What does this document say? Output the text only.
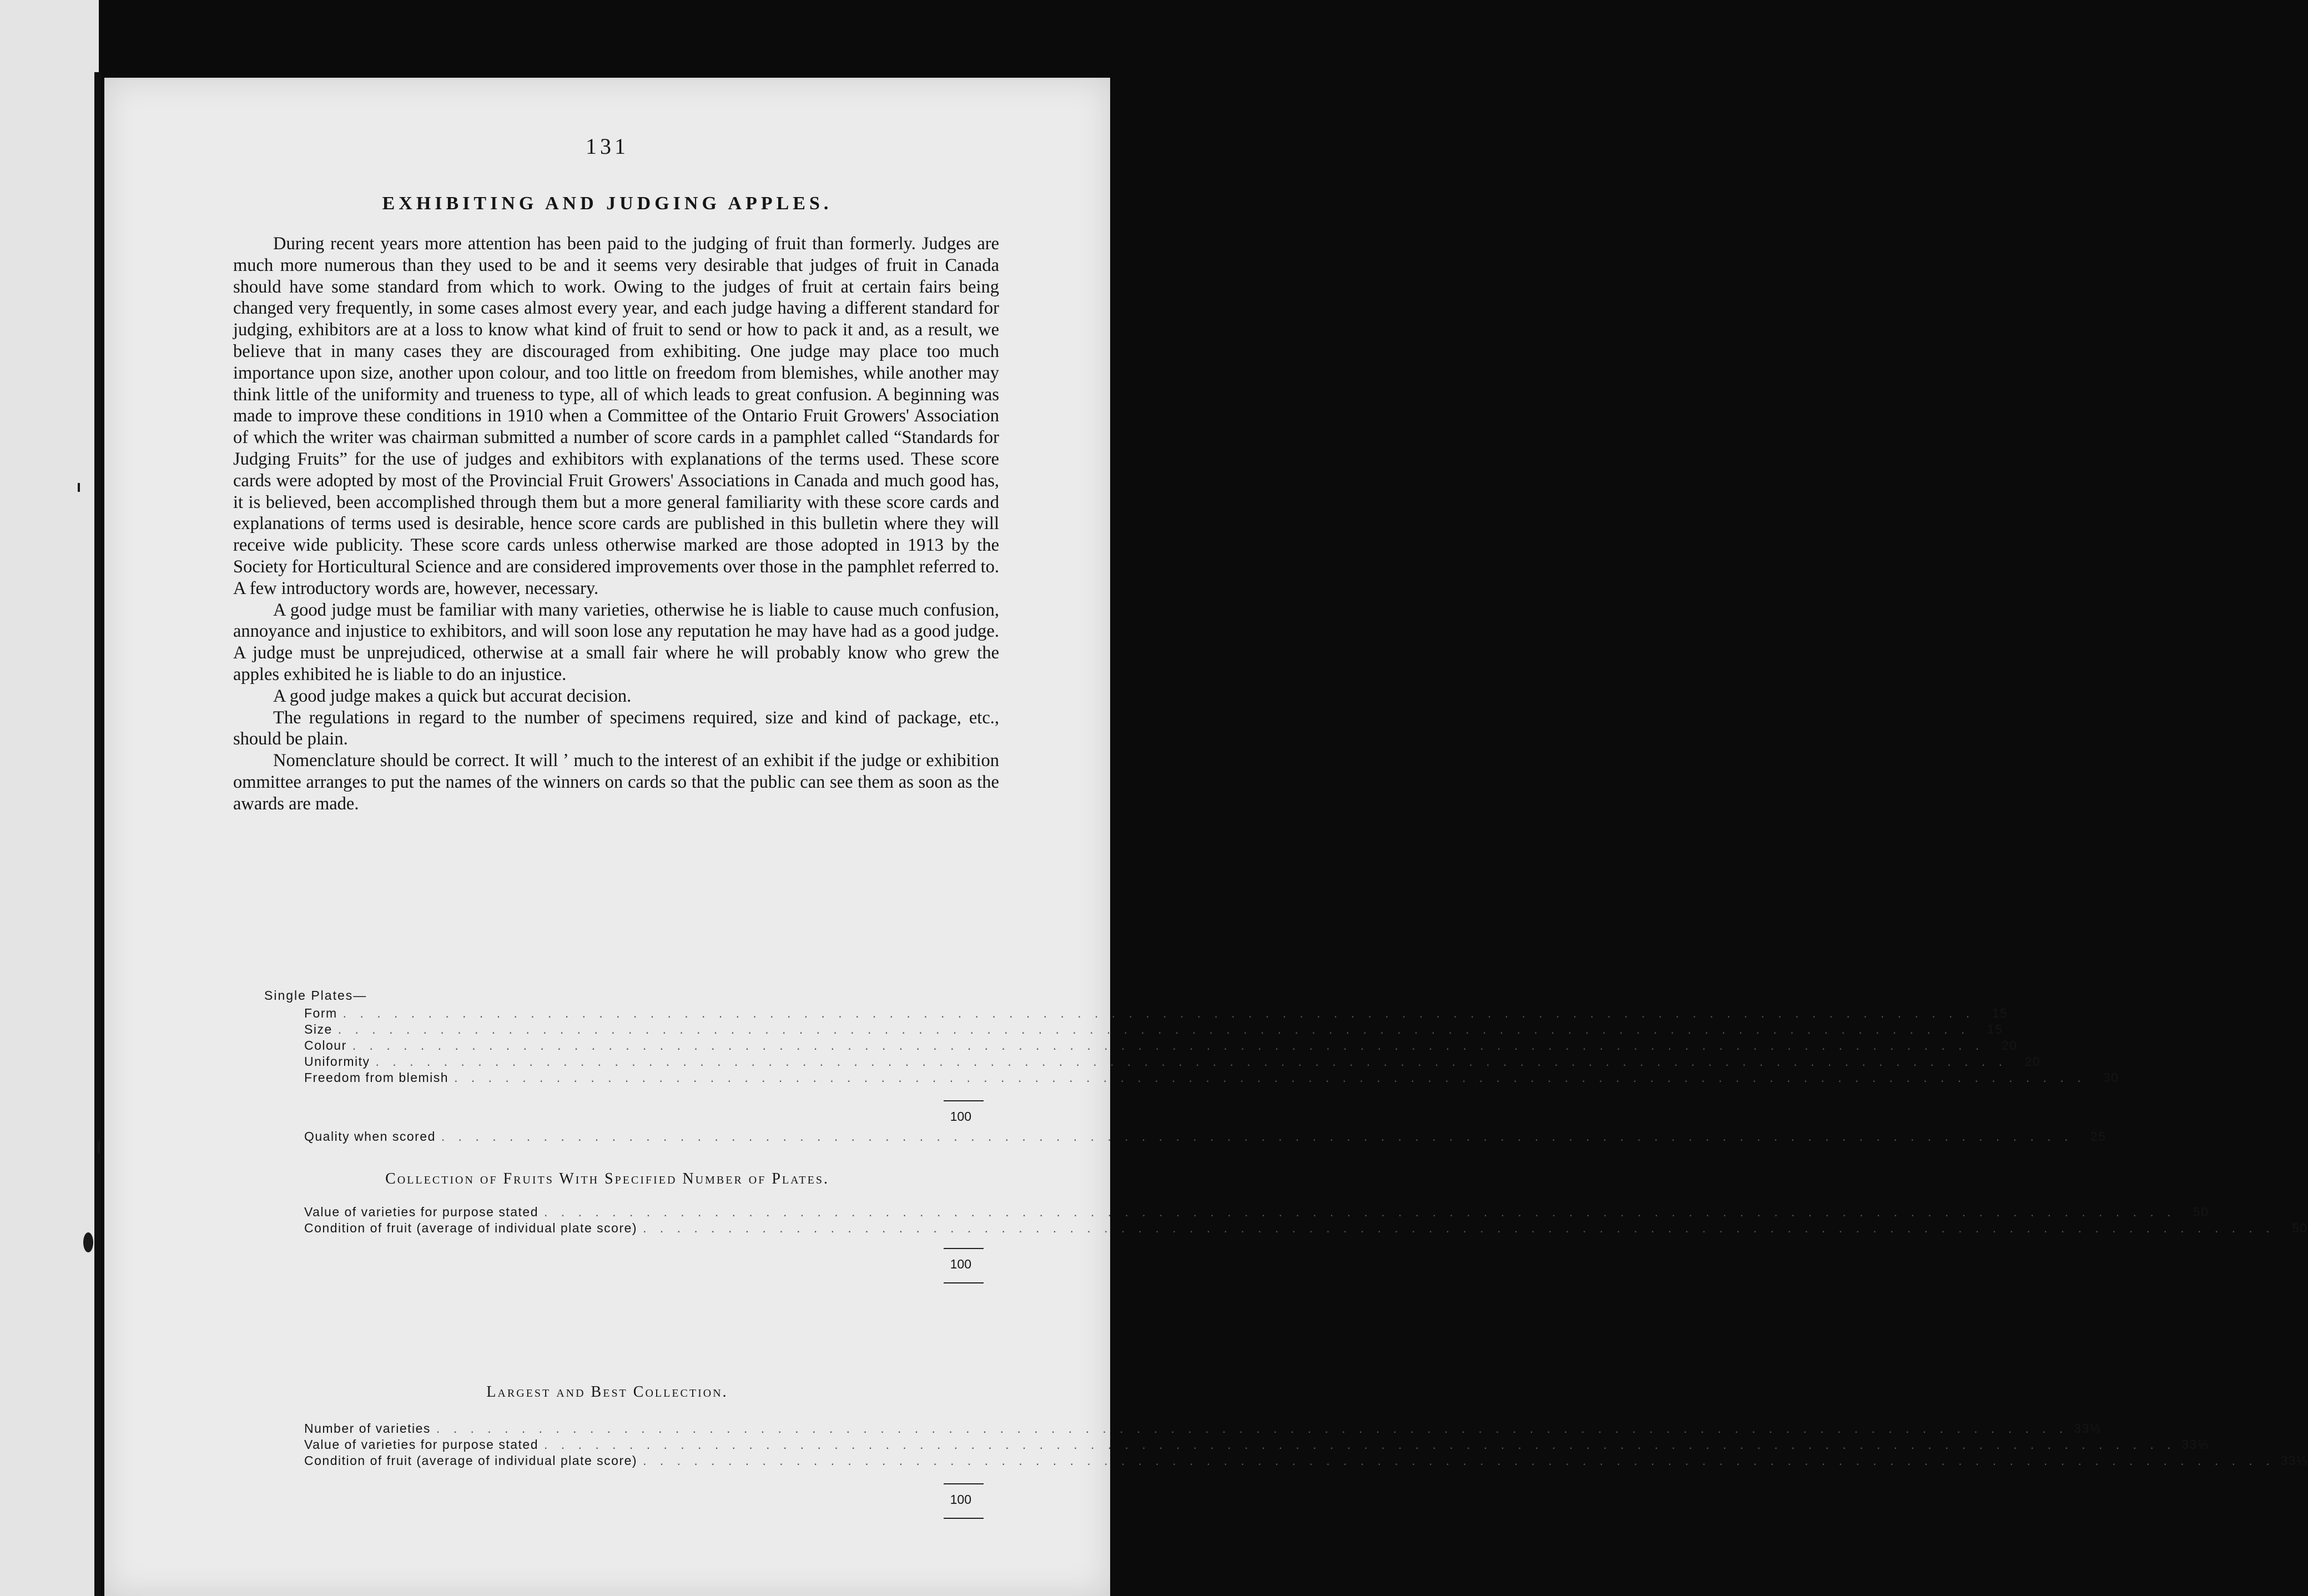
131
EXHIBITING AND JUDGING APPLES.

During recent years more attention has been paid to the judging of fruit than formerly. Judges are much more numerous than they used to be and it seems very desirable that judges of fruit in Canada should have some standard from which to work. Owing to the judges of fruit at certain fairs being changed very frequently, in some cases almost every year, and each judge having a different standard for judging, exhibitors are at a loss to know what kind of fruit to send or how to pack it and, as a result, we believe that in many cases they are discouraged from exhibiting. One judge may place too much importance upon size, another upon colour, and too little on freedom from blemishes, while another may think little of the uniformity and trueness to type, all of which leads to great confusion. A beginning was made to improve these conditions in 1910 when a Committee of the Ontario Fruit Growers' Association of which the writer was chairman submitted a number of score cards in a pamphlet called “Standards for Judging Fruits” for the use of judges and exhibitors with explanations of the terms used. These score cards were adopted by most of the Provincial Fruit Growers' Associations in Canada and much good has, it is believed, been accomplished through them but a more general familiarity with these score cards and explanations of terms used is desirable, hence score cards are published in this bulletin where they will receive wide publicity. These score cards unless otherwise marked are those adopted in 1913 by the Society for Horticultural Science and are considered improvements over those in the pamphlet referred to. A few introductory words are, however, necessary.

A good judge must be familiar with many varieties, otherwise he is liable to cause much confusion, annoyance and injustice to exhibitors, and will soon lose any reputation he may have had as a good judge. A judge must be unprejudiced, otherwise at a small fair where he will probably know who grew the apples exhibited he is liable to do an injustice.

A good judge makes a quick but accurat decision.

The regulations in regard to the number of specimens required, size and kind of package, etc., should be plain.

Nomenclature should be correct. It will ʼ much to the interest of an exhibit if the judge or exhibition ommittee arranges to put the names of the winners on cards so that the public can see them as soon as the awards are made.

Single Plates—
Form . . . . . . . . . . . . . . . . . . . . . . . . . . . . . . . . . . . . . . . . . . . . . . . . . . . . . . . . . . . . . . . . . . . . . . . . . . . . . . . . . . . . . . . . . . . . . . . .	15
Size . . . . . . . . . . . . . . . . . . . . . . . . . . . . . . . . . . . . . . . . . . . . . . . . . . . . . . . . . . . . . . . . . . . . . . . . . . . . . . . . . . . . . . . . . . . . . . . .	15
Colour . . . . . . . . . . . . . . . . . . . . . . . . . . . . . . . . . . . . . . . . . . . . . . . . . . . . . . . . . . . . . . . . . . . . . . . . . . . . . . . . . . . . . . . . . . . . . . . .	20
Uniformity . . . . . . . . . . . . . . . . . . . . . . . . . . . . . . . . . . . . . . . . . . . . . . . . . . . . . . . . . . . . . . . . . . . . . . . . . . . . . . . . . . . . . . . . . . . . . . . .	20
Freedom from blemish . . . . . . . . . . . . . . . . . . . . . . . . . . . . . . . . . . . . . . . . . . . . . . . . . . . . . . . . . . . . . . . . . . . . . . . . . . . . . . . . . . . . . . . . . . . . . . . .	30
100
Quality when scored . . . . . . . . . . . . . . . . . . . . . . . . . . . . . . . . . . . . . . . . . . . . . . . . . . . . . . . . . . . . . . . . . . . . . . . . . . . . . . . . . . . . . . . . . . . . . . . .	25
Collection of Fruits With Specified Number of Plates.
Value of varieties for purpose stated . . . . . . . . . . . . . . . . . . . . . . . . . . . . . . . . . . . . . . . . . . . . . . . . . . . . . . . . . . . . . . . . . . . . . . . . . . . . . . . . . . . . . . . . . . . . . . . .	50
Condition of fruit (average of individual plate score) . . . . . . . . . . . . . . . . . . . . . . . . . . . . . . . . . . . . . . . . . . . . . . . . . . . . . . . . . . . . . . . . . . . . . . . . . . . . . . . . . . . . . . . . . . . . . . . .	50
100
Largest and Best Collection.
Number of varieties . . . . . . . . . . . . . . . . . . . . . . . . . . . . . . . . . . . . . . . . . . . . . . . . . . . . . . . . . . . . . . . . . . . . . . . . . . . . . . . . . . . . . . . . . . . . . . . . 33⅓
Value of varieties for purpose stated . . . . . . . . . . . . . . . . . . . . . . . . . . . . . . . . . . . . . . . . . . . . . . . . . . . . . . . . . . . . . . . . . . . . . . . . . . . . . . . . . . . . . . . . . . . . . . . . 33⅓
Condition of fruit (average of individual plate score) . . . . . . . . . . . . . . . . . . . . . . . . . . . . . . . . . . . . . . . . . . . . . . . . . . . . . . . . . . . . . . . . . . . . . . . . . . . . . . . . . . . . . . . . . . . . . . . . 33⅓
100
